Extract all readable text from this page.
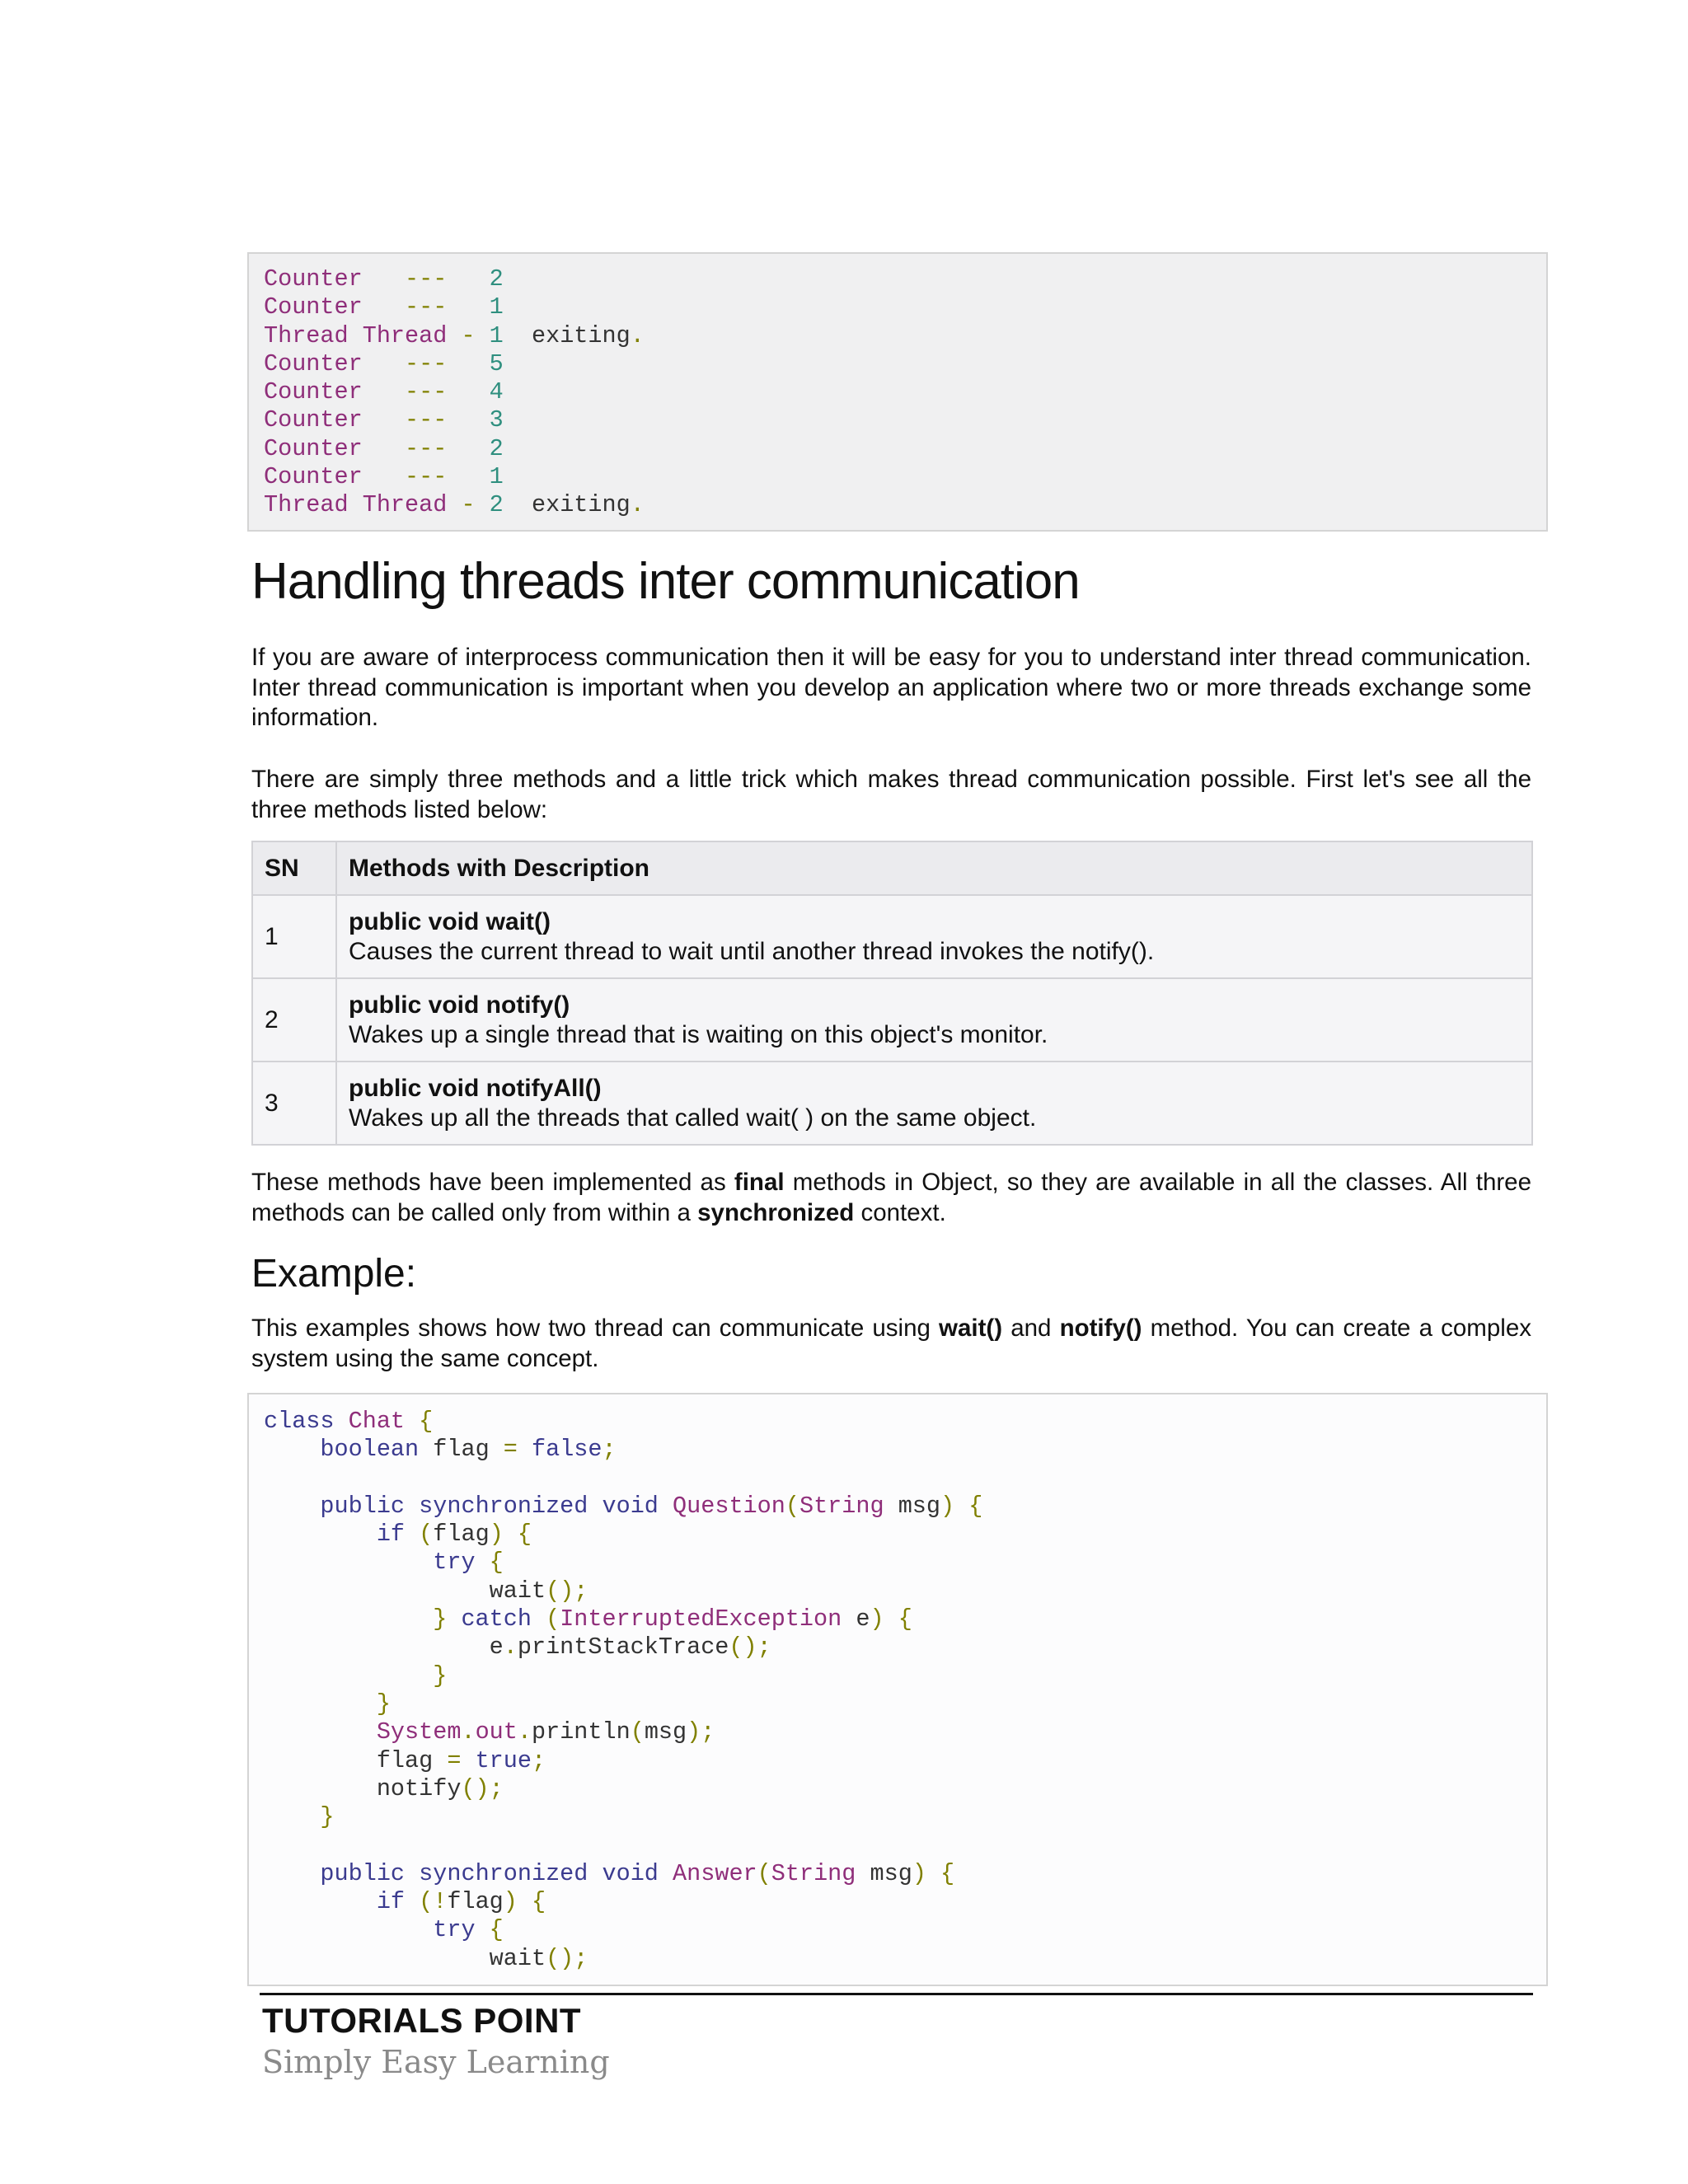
Counter --- 2
Counter --- 1
Thread Thread - 1  exiting.
Counter --- 5
Counter --- 4
Counter --- 3
Counter --- 2
Counter --- 1
Thread Thread - 2  exiting.
Handling threads inter communication

If you are aware of interprocess communication then it will be easy for you to understand inter thread communication. Inter thread communication is important when you develop an application where two or more threads exchange some information.

There are simply three methods and a little trick which makes thread communication possible. First let's see all the three methods listed below:

SN	Methods with Description
1	public void wait()
Causes the current thread to wait until another thread invokes the notify().
2	public void notify()
Wakes up a single thread that is waiting on this object's monitor.
3	public void notifyAll()
Wakes up all the threads that called wait( ) on the same object.

These methods have been implemented as final methods in Object, so they are available in all the classes. All three methods can be called only from within a synchronized context.

Example:

This examples shows how two thread can communicate using wait() and notify() method. You can create a complex system using the same concept.

class Chat {
boolean flag = false;
public synchronized void Question(String msg) {
if (flag) {
try {
wait();
} catch (InterruptedException e) {
e.printStackTrace();
}
}
System.out.println(msg);
flag = true;
notify();
}
public synchronized void Answer(String msg) {
if (!flag) {
try {
wait();

TUTORIALS POINT

Simply Easy Learning
